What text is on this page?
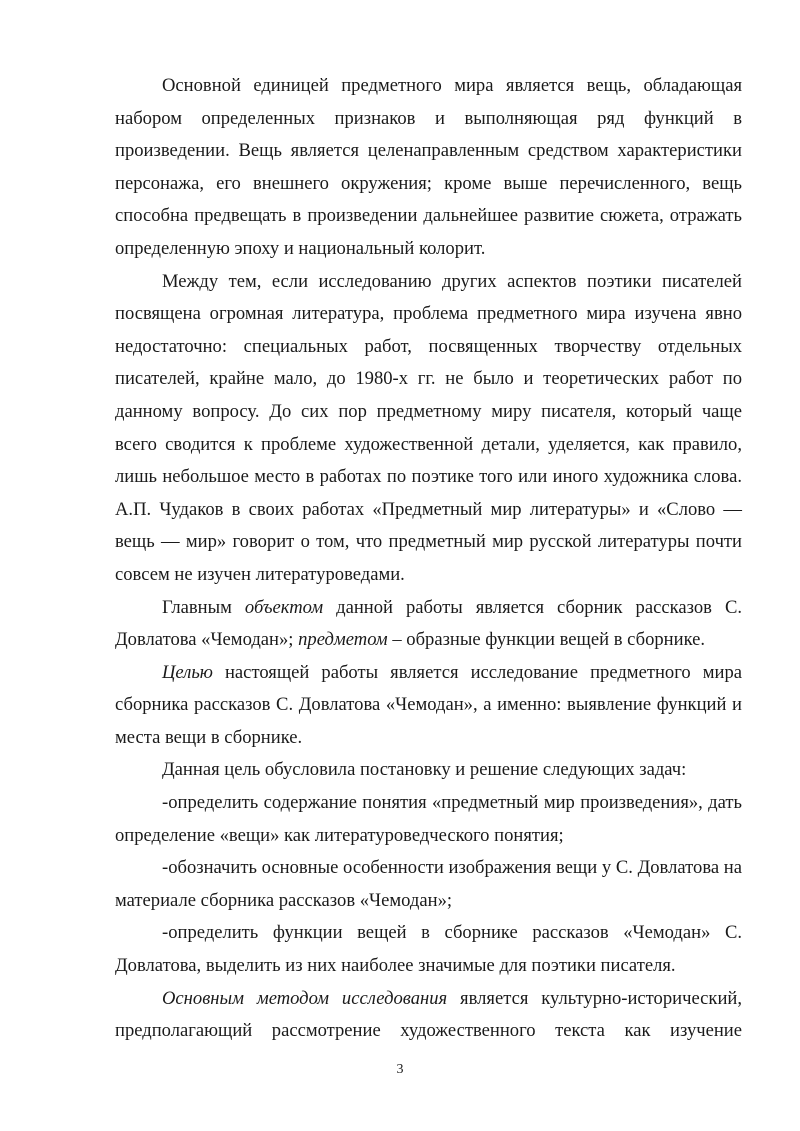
Основной единицей предметного мира является вещь, обладающая набором определенных признаков и выполняющая ряд функций в произведении. Вещь является целенаправленным средством характеристики персонажа, его внешнего окружения; кроме выше перечисленного, вещь способна предвещать в произведении дальнейшее развитие сюжета, отражать определенную эпоху и национальный колорит.

Между тем, если исследованию других аспектов поэтики писателей посвящена огромная литература, проблема предметного мира изучена явно недостаточно: специальных работ, посвященных творчеству отдельных писателей, крайне мало, до 1980-х гг. не было и теоретических работ по данному вопросу. До сих пор предметному миру писателя, который чаще всего сводится к проблеме художественной детали, уделяется, как правило, лишь небольшое место в работах по поэтике того или иного художника слова. А.П. Чудаков в своих работах «Предметный мир литературы» и «Слово — вещь — мир» говорит о том, что предметный мир русской литературы почти совсем не изучен литературоведами.

Главным объектом данной работы является сборник рассказов С. Довлатова «Чемодан»; предметом – образные функции вещей в сборнике.

Целью настоящей работы является исследование предметного мира сборника рассказов С. Довлатова «Чемодан», а именно: выявление функций и места вещи в сборнике.

Данная цель обусловила постановку и решение следующих задач:

-определить содержание понятия «предметный мир произведения», дать определение «вещи» как литературоведческого понятия;

-обозначить основные особенности изображения вещи у С. Довлатова на материале сборника рассказов «Чемодан»;

-определить функции вещей в сборнике рассказов «Чемодан» С. Довлатова, выделить из них наиболее значимые для поэтики писателя.

Основным методом исследования является культурно-исторический, предполагающий рассмотрение художественного текста как изучение

3
